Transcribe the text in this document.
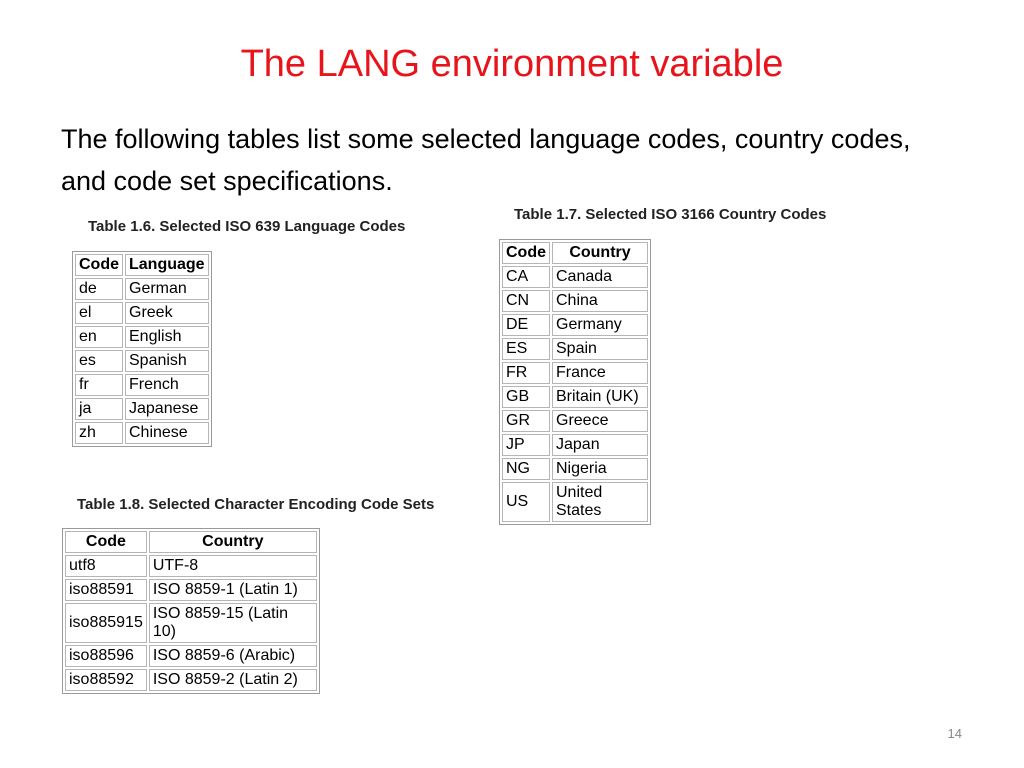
The LANG environment variable
The following tables list some selected language codes, country codes, and code set specifications.
Table 1.6. Selected ISO 639 Language Codes
Code	Language
de	German
el	Greek
en	English
es	Spanish
fr	French
ja	Japanese
zh	Chinese
Table 1.7. Selected ISO 3166 Country Codes
Code	Country
CA	Canada
CN	China
DE	Germany
ES	Spain
FR	France
GB	Britain (UK)
GR	Greece
JP	Japan
NG	Nigeria
US	United States
Table 1.8. Selected Character Encoding Code Sets
Code	Country
utf8	UTF-8
iso88591	ISO 8859-1 (Latin 1)
iso885915	ISO 8859-15 (Latin 10)
iso88596	ISO 8859-6 (Arabic)
iso88592	ISO 8859-2 (Latin 2)
14
